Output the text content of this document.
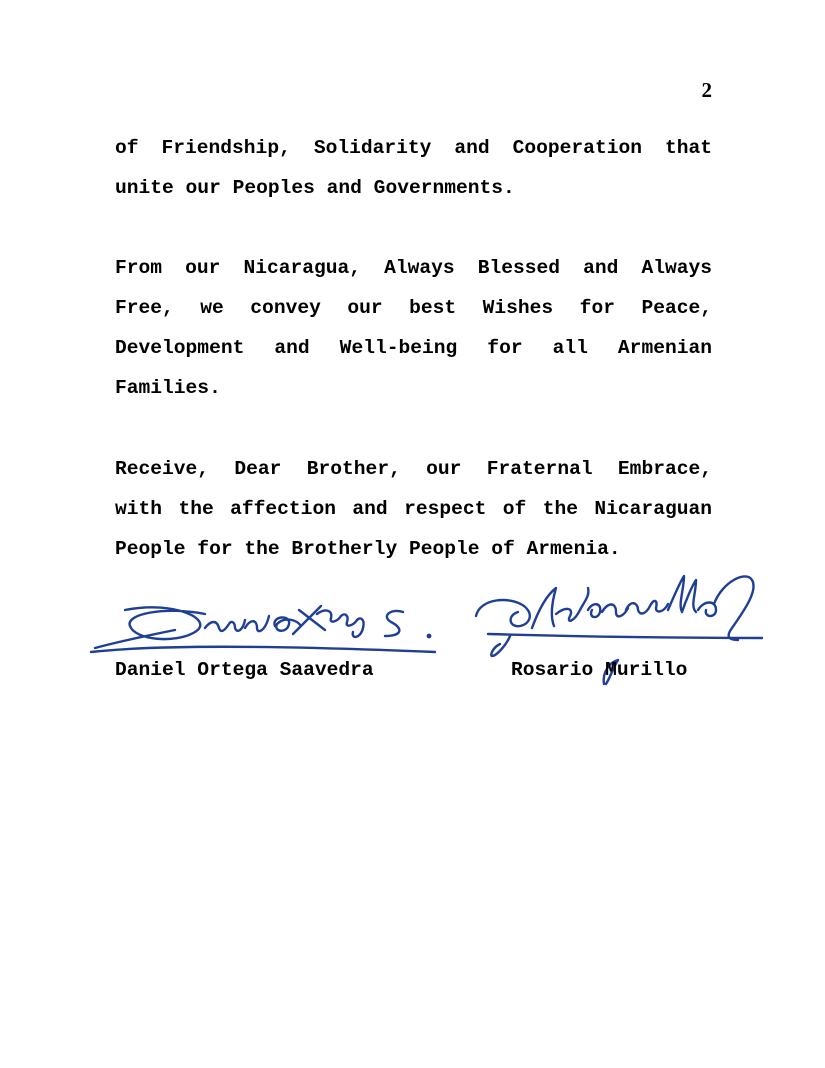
2

of Friendship, Solidarity and Cooperation that
unite our Peoples and Governments.

From our Nicaragua, Always Blessed and Always
Free, we convey our best Wishes for Peace,
Development and Well-being for all Armenian
Families.

Receive, Dear Brother, our Fraternal Embrace,
with the affection and respect of the Nicaraguan
People for the Brotherly People of Armenia.

Daniel Ortega Saavedra	Rosario Murillo
